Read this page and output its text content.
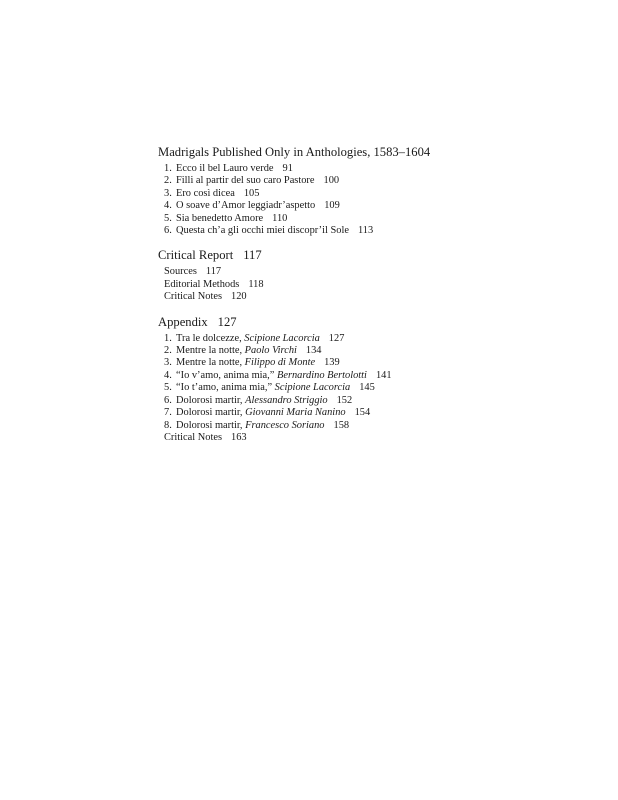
Madrigals Published Only in Anthologies, 1583–1604
1. Ecco il bel Lauro verde 91
2. Filli al partir del suo caro Pastore 100
3. Ero così dicea 105
4. O soave d’Amor leggiadr’aspetto 109
5. Sia benedetto Amore 110
6. Questa ch’a gli occhi miei discopr’il Sole 113
Critical Report 117
Sources 117
Editorial Methods 118
Critical Notes 120
Appendix 127
1. Tra le dolcezze, Scipione Lacorcia 127
2. Mentre la notte, Paolo Virchi 134
3. Mentre la notte, Filippo di Monte 139
4. “Io v’amo, anima mia,” Bernardino Bertolotti 141
5. “Io t’amo, anima mia,” Scipione Lacorcia 145
6. Dolorosi martir, Alessandro Striggio 152
7. Dolorosi martir, Giovanni Maria Nanino 154
8. Dolorosi martir, Francesco Soriano 158
Critical Notes 163
